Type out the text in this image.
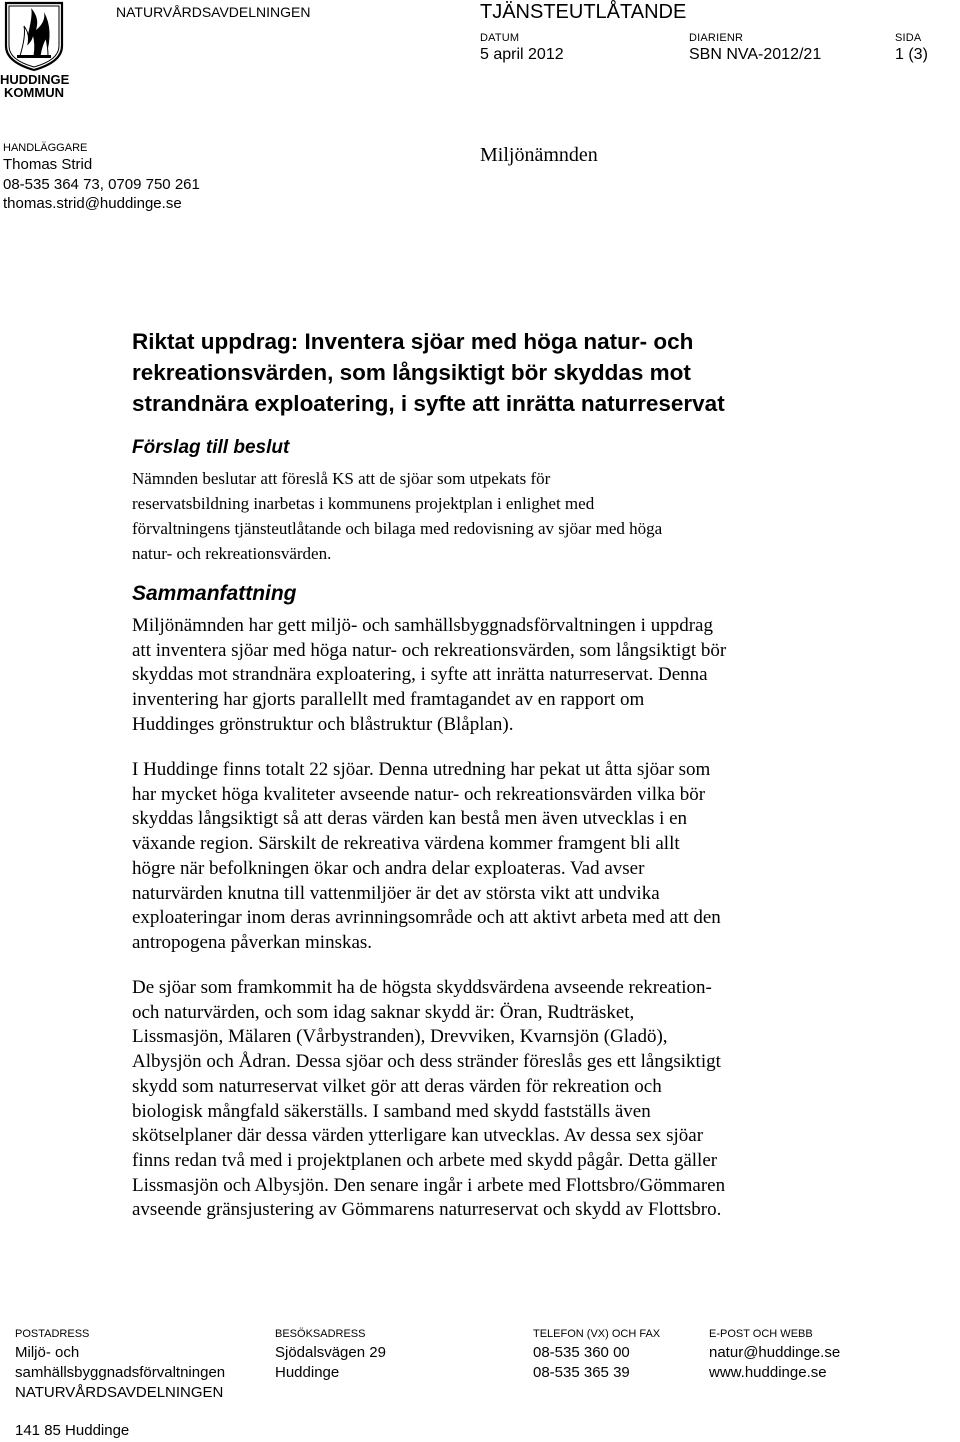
HUDDINGE
KOMMUN
NATURVÅRDSAVDELNINGEN	TJÄNSTEUTLÅTANDE
DATUM
5 april 2012
DIARIENR
SBN NVA-2012/21
SIDA
1 (3)
HANDLÄGGARE
Thomas Strid
08-535 364 73, 0709 750 261
thomas.strid@huddinge.se
Miljönämnden
Riktat uppdrag: Inventera sjöar med höga natur- och
rekreationsvärden, som långsiktigt bör skyddas mot
strandnära exploatering, i syfte att inrätta naturreservat
Förslag till beslut
Nämnden beslutar att föreslå KS att de sjöar som utpekats för
reservatsbildning inarbetas i kommunens projektplan i enlighet med
förvaltningens tjänsteutlåtande och bilaga med redovisning av sjöar med höga
natur- och rekreationsvärden.
Sammanfattning
Miljönämnden har gett miljö- och samhällsbyggnadsförvaltningen i uppdrag
att inventera sjöar med höga natur- och rekreationsvärden, som långsiktigt bör
skyddas mot strandnära exploatering, i syfte att inrätta naturreservat. Denna
inventering har gjorts parallellt med framtagandet av en rapport om
Huddinges grönstruktur och blåstruktur (Blåplan).
I Huddinge finns totalt 22 sjöar. Denna utredning har pekat ut åtta sjöar som
har mycket höga kvaliteter avseende natur- och rekreationsvärden vilka bör
skyddas långsiktigt så att deras värden kan bestå men även utvecklas i en
växande region. Särskilt de rekreativa värdena kommer framgent bli allt
högre när befolkningen ökar och andra delar exploateras. Vad avser
naturvärden knutna till vattenmiljöer är det av största vikt att undvika
exploateringar inom deras avrinningsområde och att aktivt arbeta med att den
antropogena påverkan minskas.
De sjöar som framkommit ha de högsta skyddsvärdena avseende rekreation-
och naturvärden, och som idag saknar skydd är: Öran, Rudträsket,
Lissmasjön, Mälaren (Vårbystranden), Drevviken, Kvarnsjön (Gladö),
Albysjön och Ådran. Dessa sjöar och dess stränder föreslås ges ett långsiktigt
skydd som naturreservat vilket gör att deras värden för rekreation och
biologisk mångfald säkerställs. I samband med skydd fastställs även
skötselplaner där dessa värden ytterligare kan utvecklas. Av dessa sex sjöar
finns redan två med i projektplanen och arbete med skydd pågår. Detta gäller
Lissmasjön och Albysjön. Den senare ingår i arbete med Flottsbro/Gömmaren
avseende gränsjustering av Gömmarens naturreservat och skydd av Flottsbro.
POSTADRESS
Miljö- och
samhällsbyggnadsförvaltningen
NATURVÅRDSAVDELNINGEN
141 85 Huddinge
BESÖKSADRESS
Sjödalsvägen 29
Huddinge
TELEFON (VX) OCH FAX
08-535 360 00
08-535 365 39
E-POST OCH WEBB
natur@huddinge.se
www.huddinge.se
